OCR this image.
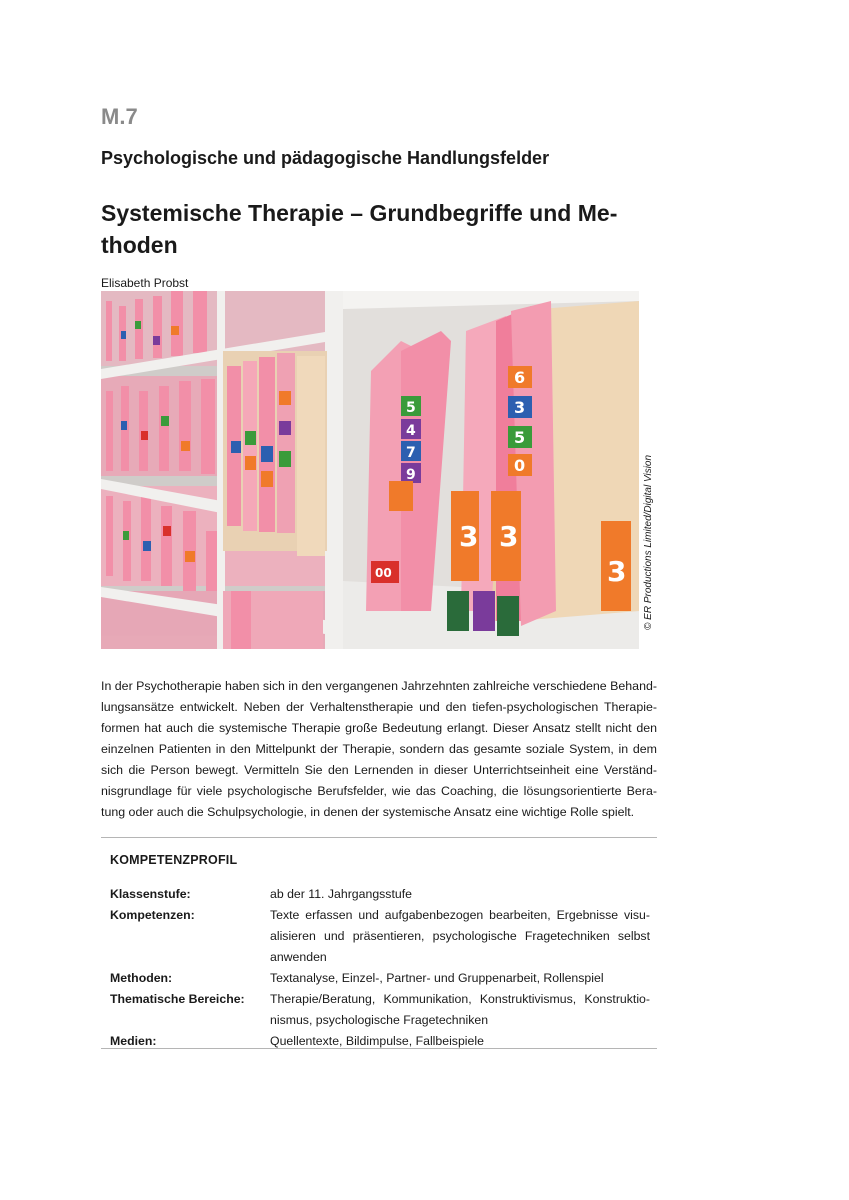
M.7
Psychologische und pädagogische Handlungsfelder
Systemische Therapie – Grundbegriffe und Methoden
Elisabeth Probst
6
3
5
0
5
4
7
9
3 3
3
00	© ER Productions Limited/Digital Vision

In der Psychotherapie haben sich in den vergangenen Jahrzehnten zahlreiche verschiedene Behandlungsansätze entwickelt. Neben der Verhaltenstherapie und den tiefen-psychologischen Therapieformen hat auch die systemische Therapie große Bedeutung erlangt. Dieser Ansatz stellt nicht den einzelnen Patienten in den Mittelpunkt der Therapie, sondern das gesamte soziale System, in dem sich die Person bewegt. Vermitteln Sie den Lernenden in dieser Unterrichtseinheit eine Verständnisgrundlage für viele psychologische Berufsfelder, wie das Coaching, die lösungsorientierte Beratung oder auch die Schulpsychologie, in denen der systemische Ansatz eine wichtige Rolle spielt.

KOMPETENZPROFIL
Klassenstufe:	ab der 11. Jahrgangsstufe
Kompetenzen:	Texte erfassen und aufgabenbezogen bearbeiten, Ergebnisse visualisieren und präsentieren, psychologische Fragetechniken selbst anwenden
Methoden:	Textanalyse, Einzel-, Partner- und Gruppenarbeit, Rollenspiel
Thematische Bereiche:	Therapie/Beratung, Kommunikation, Konstruktivismus, Konstruktionismus, psychologische Fragetechniken
Medien:	Quellentexte, Bildimpulse, Fallbeispiele
